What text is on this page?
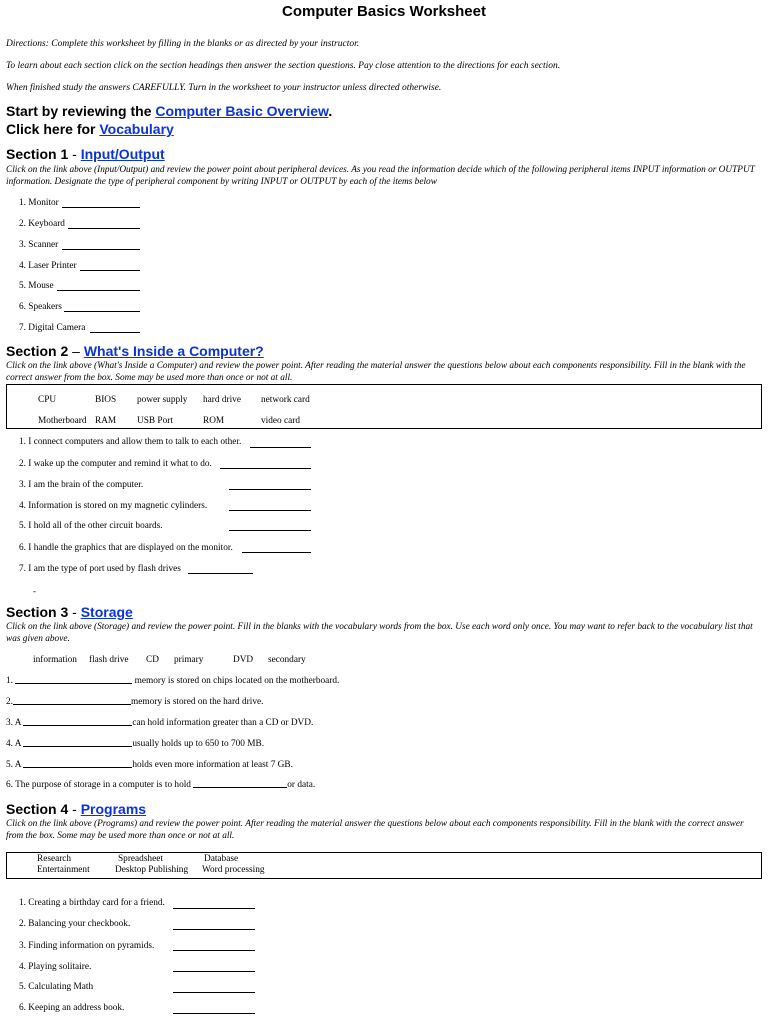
Computer Basics Worksheet
Directions: Complete this worksheet by filling in the blanks or as directed by your instructor.
To learn about each section click on the section headings then answer the section questions. Pay close attention to the directions for each section.
When finished study the answers CAREFULLY. Turn in the worksheet to your instructor unless directed otherwise.
Start by reviewing the Computer Basic Overview.
Click here for Vocabulary
Section 1 - Input/Output
Click on the link above (Input/Output) and review the power point about peripheral devices. As you read the information decide which of the following peripheral items INPUT information or OUTPUT information. Designate the type of peripheral component by writing INPUT or OUTPUT by each of the items below
1. Monitor
2. Keyboard
3. Scanner
4. Laser Printer
5. Mouse
6. Speakers
7. Digital Camera
Section 2 – What's Inside a Computer?
Click on the link above (What's Inside a Computer) and review the power point. After reading the material answer the questions below about each components responsibility. Fill in the blank with the correct answer from the box. Some may be used more than once or not at all.
CPU	BIOS power supply hard drive network card
Motherboard RAM USB Port	ROM	video card
1. I connect computers and allow them to talk to each other.
2. I wake up the computer and remind it what to do.
3. I am the brain of the computer.
4. Information is stored on my magnetic cylinders.
5. I hold all of the other circuit boards.
6. I handle the graphics that are displayed on the monitor.
7. I am the type of port used by flash drives
-
Section 3 - Storage
Click on the link above (Storage) and review the power point. Fill in the blanks with the vocabulary words from the box. Use each word only once. You may want to refer back to the vocabulary list that was given above.
information flash drive CD primary	DVD secondary
1.	memory is stored on chips located on the motherboard.
2.	memory is stored on the hard drive.
3. A	can hold information greater than a CD or DVD.
4. A	usually holds up to 650 to 700 MB.
5. A	holds even more information at least 7 GB.
6. The purpose of storage in a computer is to hold	or data.
Section 4 - Programs
Click on the link above (Programs) and review the power point. After reading the material answer the questions below about each components responsibility. Fill in the blank with the correct answer from the box. Some may be used more than once or not at all.
Research	Spreadsheet	Database
Entertainment	Desktop Publishing Word processing
1. Creating a birthday card for a friend.
2. Balancing your checkbook.
3. Finding information on pyramids.
4. Playing solitaire.
5. Calculating Math
6. Keeping an address book.
